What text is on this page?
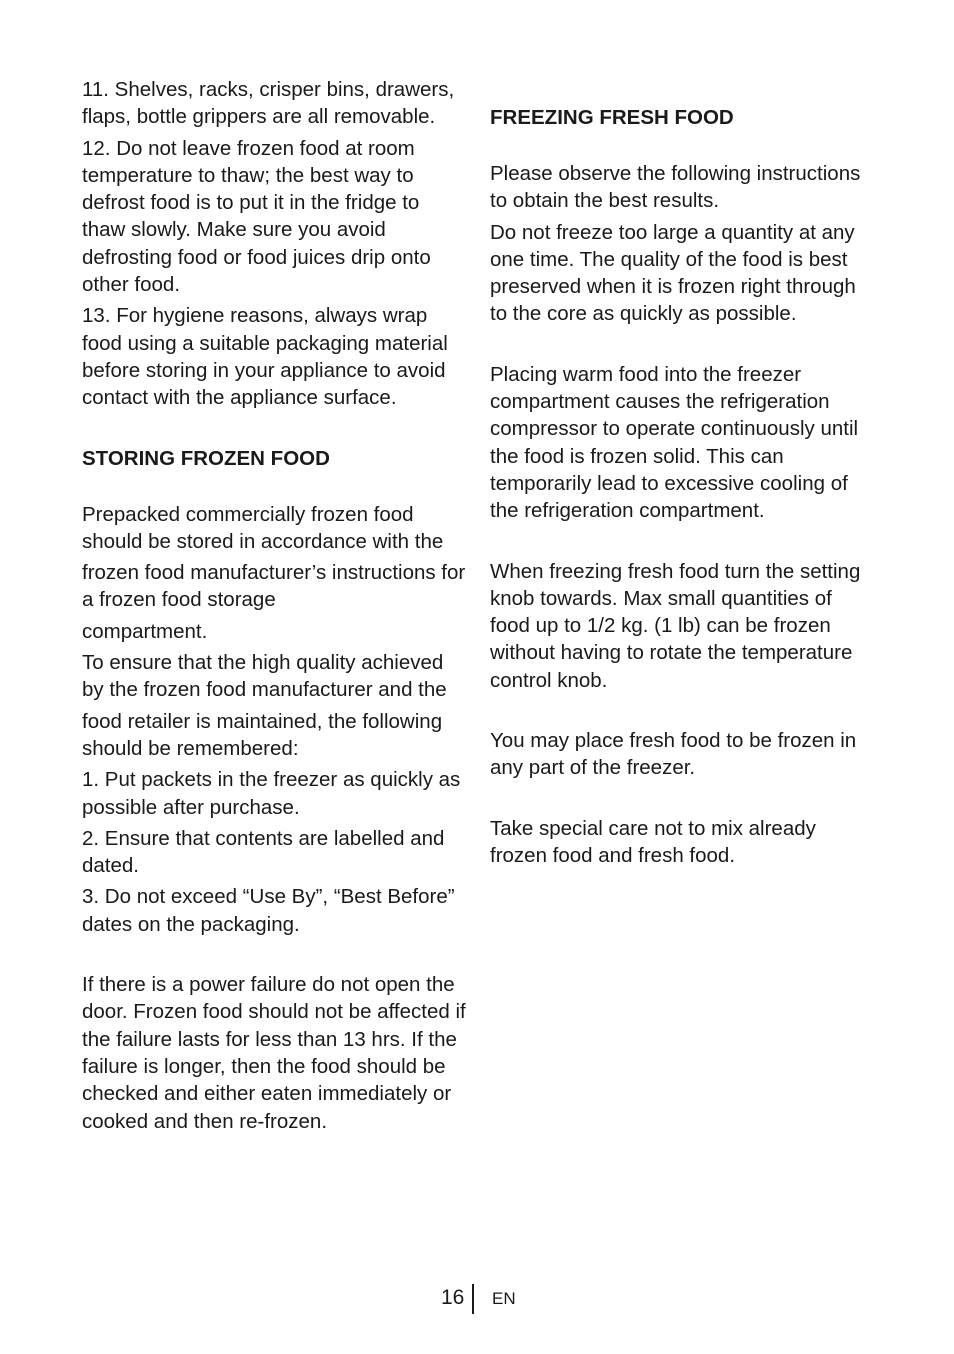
11. Shelves, racks, crisper bins, drawers, flaps, bottle grippers are all removable.

12. Do not leave frozen food at room temperature to thaw; the best way to defrost food is to put it in the fridge to thaw slowly. Make sure you avoid defrosting food or food juices drip onto other food.

13. For hygiene reasons, always wrap food using a suitable packaging material before storing in your appliance to avoid contact with the appliance surface.

STORING FROZEN FOOD

Prepacked commercially frozen food should be stored in accordance with the

frozen food manufacturer’s instructions for a frozen food storage

compartment.

To ensure that the high quality achieved by the frozen food manufacturer and the

food retailer is maintained, the following should be remembered:

1. Put packets in the freezer as quickly as possible after purchase.

2. Ensure that contents are labelled and dated.

3. Do not exceed “Use By”, “Best Before” dates on the packaging.

If there is a power failure do not open the door. Frozen food should not be affected if the failure lasts for less than 13 hrs. If the failure is longer, then the food should be checked and either eaten immediately or cooked and then re-frozen.

FREEZING FRESH FOOD

Please observe the following instructions to obtain the best results.

Do not freeze too large a quantity at any one time. The quality of the food is best preserved when it is frozen right through to the core as quickly as possible.

Placing warm food into the freezer compartment causes the refrigeration compressor to operate continuously until the food is frozen solid. This can temporarily lead to excessive cooling of the refrigeration compartment.

When freezing fresh food turn the setting knob towards. Max small quantities of food up to 1/2 kg. (1 lb) can be frozen without having to rotate the temperature control knob.

You may place fresh food to be frozen in any part of the freezer.

Take special care not to mix already frozen food and fresh food.

16 EN
